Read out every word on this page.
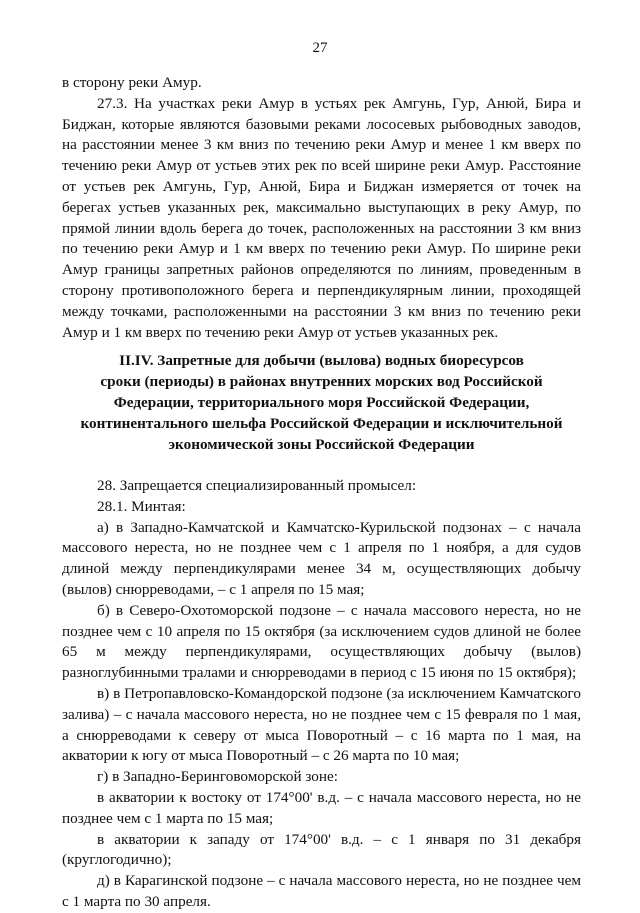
27

в сторону реки Амур.

27.3. На участках реки Амур в устьях рек Амгунь, Гур, Анюй, Бира и Биджан, которые являются базовыми реками лососевых рыбоводных заводов, на расстоянии менее 3 км вниз по течению реки Амур и менее 1 км вверх по течению реки Амур от устьев этих рек по всей ширине реки Амур. Расстояние от устьев рек Амгунь, Гур, Анюй, Бира и Биджан измеряется от точек на берегах устьев указанных рек, максимально выступающих в реку Амур, по прямой линии вдоль берега до точек, расположенных на расстоянии 3 км вниз по течению реки Амур и 1 км вверх по течению реки Амур. По ширине реки Амур границы запретных районов определяются по линиям, проведенным в сторону противоположного берега и перпендикулярным линии, проходящей между точками, расположенными на расстоянии 3 км вниз по течению реки Амур и 1 км вверх по течению реки Амур от устьев указанных рек.

II.IV. Запретные для добычи (вылова) водных биоресурсов
сроки (периоды) в районах внутренних морских вод Российской
Федерации, территориального моря Российской Федерации,
континентального шельфа Российской Федерации и исключительной
экономической зоны Российской Федерации

28. Запрещается специализированный промысел:

28.1. Минтая:

а) в Западно-Камчатской и Камчатско-Курильской подзонах – с начала массового нереста, но не позднее чем с 1 апреля по 1 ноября, а для судов длиной между перпендикулярами менее 34 м, осуществляющих добычу (вылов) снюрреводами, – с 1 апреля по 15 мая;

б) в Северо-Охотоморской подзоне – с начала массового нереста, но не позднее чем с 10 апреля по 15 октября (за исключением судов длиной не более 65 м между перпендикулярами, осуществляющих добычу (вылов) разноглубинными тралами и снюрреводами в период с 15 июня по 15 октября);

в) в Петропавловско-Командорской подзоне (за исключением Камчатского залива) – с начала массового нереста, но не позднее чем с 15 февраля по 1 мая, а снюрреводами к северу от мыса Поворотный – с 16 марта по 1 мая, на акватории к югу от мыса Поворотный – с 26 марта по 10 мая;

г) в Западно-Беринговоморской зоне:

в акватории к востоку от 174°00' в.д. – с начала массового нереста, но не позднее чем с 1 марта по 15 мая;

в акватории к западу от 174°00' в.д. – с 1 января по 31 декабря (круглогодично);

д) в Карагинской подзоне – с начала массового нереста, но не позднее чем с 1 марта по 30 апреля.
